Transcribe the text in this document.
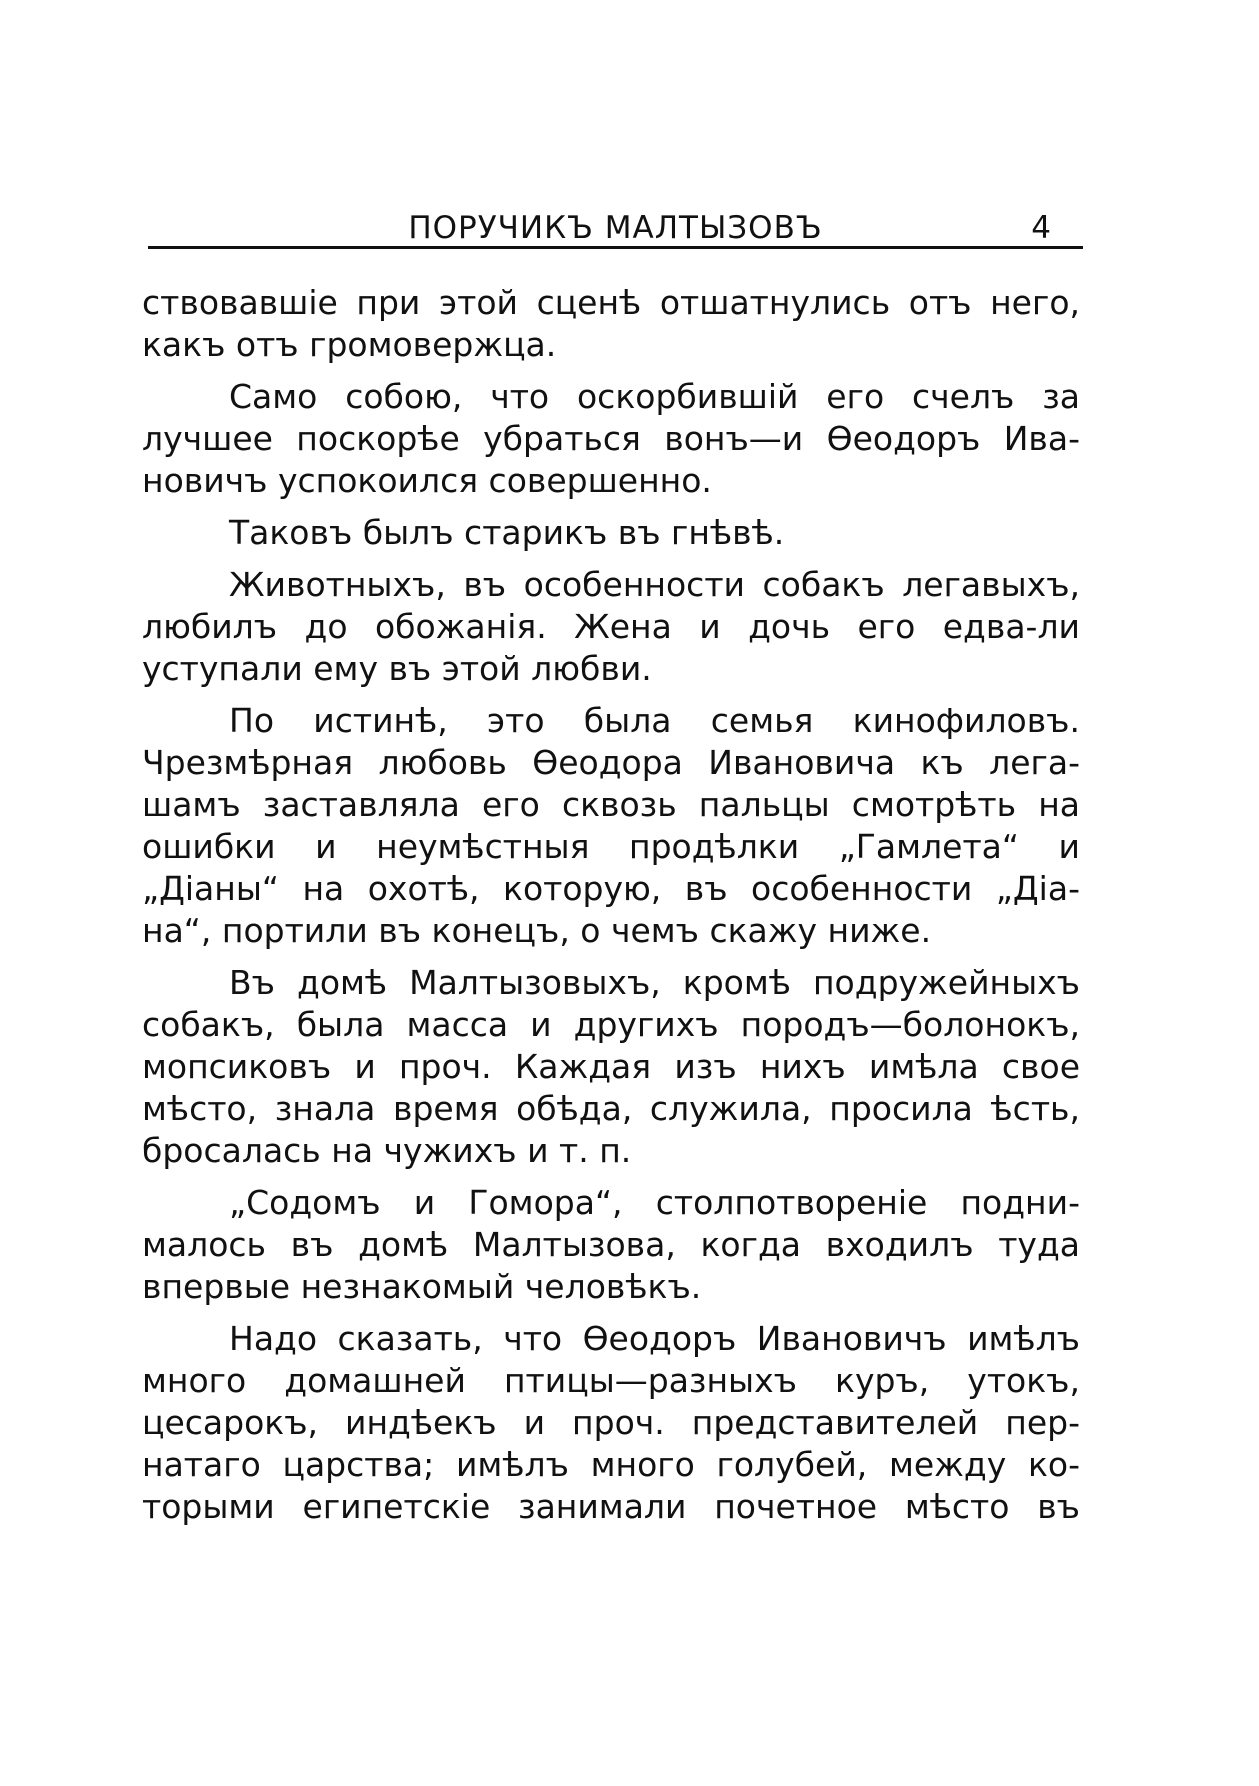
ПОРУЧИКЪ МАЛТЫЗОВЪ	4
ствовавшіе при этой сценѣ отшатнулись отъ него,
какъ отъ громовержца.
Само собою, что оскорбившій его счелъ за
лучшее поскорѣе убраться вонъ—и Ѳеодоръ Ива-
новичъ успокоился совершенно.
Таковъ былъ старикъ въ гнѣвѣ.
Животныхъ, въ особенности собакъ легавыхъ,
любилъ до обожанія. Жена и дочь его едва-ли
уступали ему въ этой любви.
По истинѣ, это была семья кинофиловъ.
Чрезмѣрная любовь Ѳеодора Ивановича къ лега-
шамъ заставляла его сквозь пальцы смотрѣть на
ошибки и неумѣстныя продѣлки „Гамлета“ и
„Діаны“ на охотѣ, которую, въ особенности „Діа-
на“, портили въ конецъ, о чемъ скажу ниже.
Въ домѣ Малтызовыхъ, кромѣ подружейныхъ
собакъ, была масса и другихъ породъ—болонокъ,
мопсиковъ и проч. Каждая изъ нихъ имѣла свое
мѣсто, знала время обѣда, служила, просила ѣсть,
бросалась на чужихъ и т. п.
„Содомъ и Гомора“, столпотвореніе подни-
малось въ домѣ Малтызова, когда входилъ туда
впервые незнакомый человѣкъ.
Надо сказать, что Ѳеодоръ Ивановичъ имѣлъ
много домашней птицы—разныхъ куръ, утокъ,
цесарокъ, индѣекъ и проч. представителей пер-
натаго царства; имѣлъ много голубей, между ко-
торыми египетскіе занимали почетное мѣсто въ
